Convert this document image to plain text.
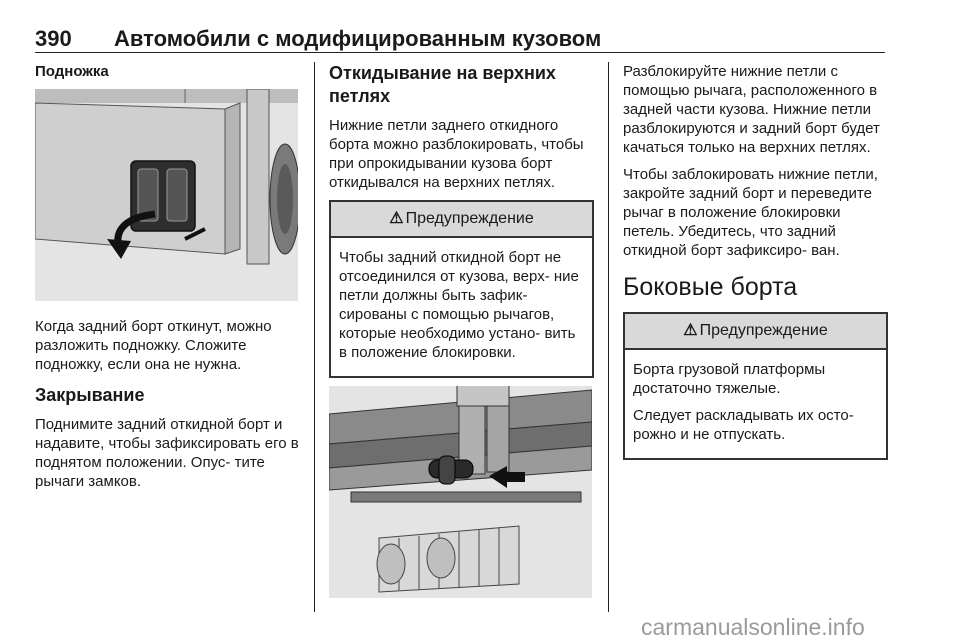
390 Автомобили с модифицированным кузовом
Подножка
Когда задний борт откинут, можно разложить подножку. Сложите подножку, если она не нужна.
Закрывание
Поднимите задний откидной борт и надавите, чтобы зафиксировать его в поднятом положении. Опус- тите рычаги замков.
Откидывание на верхних петлях
Нижние петли заднего откидного борта можно разблокировать, чтобы при опрокидывании кузова борт откидывался на верхних петлях.
⚠ Предупреждение
Чтобы задний откидной борт не отсоединился от кузова, верх- ние петли должны быть зафик- сированы с помощью рычагов, которые необходимо устано- вить в положение блокировки.
Разблокируйте нижние петли с помощью рычага, расположенного в задней части кузова. Нижние петли разблокируются и задний борт будет качаться только на верхних петлях.
Чтобы заблокировать нижние петли, закройте задний борт и переведите рычаг в положение блокировки петель. Убедитесь, что задний откидной борт зафиксиро- ван.
Боковые борта
⚠ Предупреждение
Борта грузовой платформы достаточно тяжелые.
Следует раскладывать их осто- рожно и не отпускать.
carmanualsonline.info
